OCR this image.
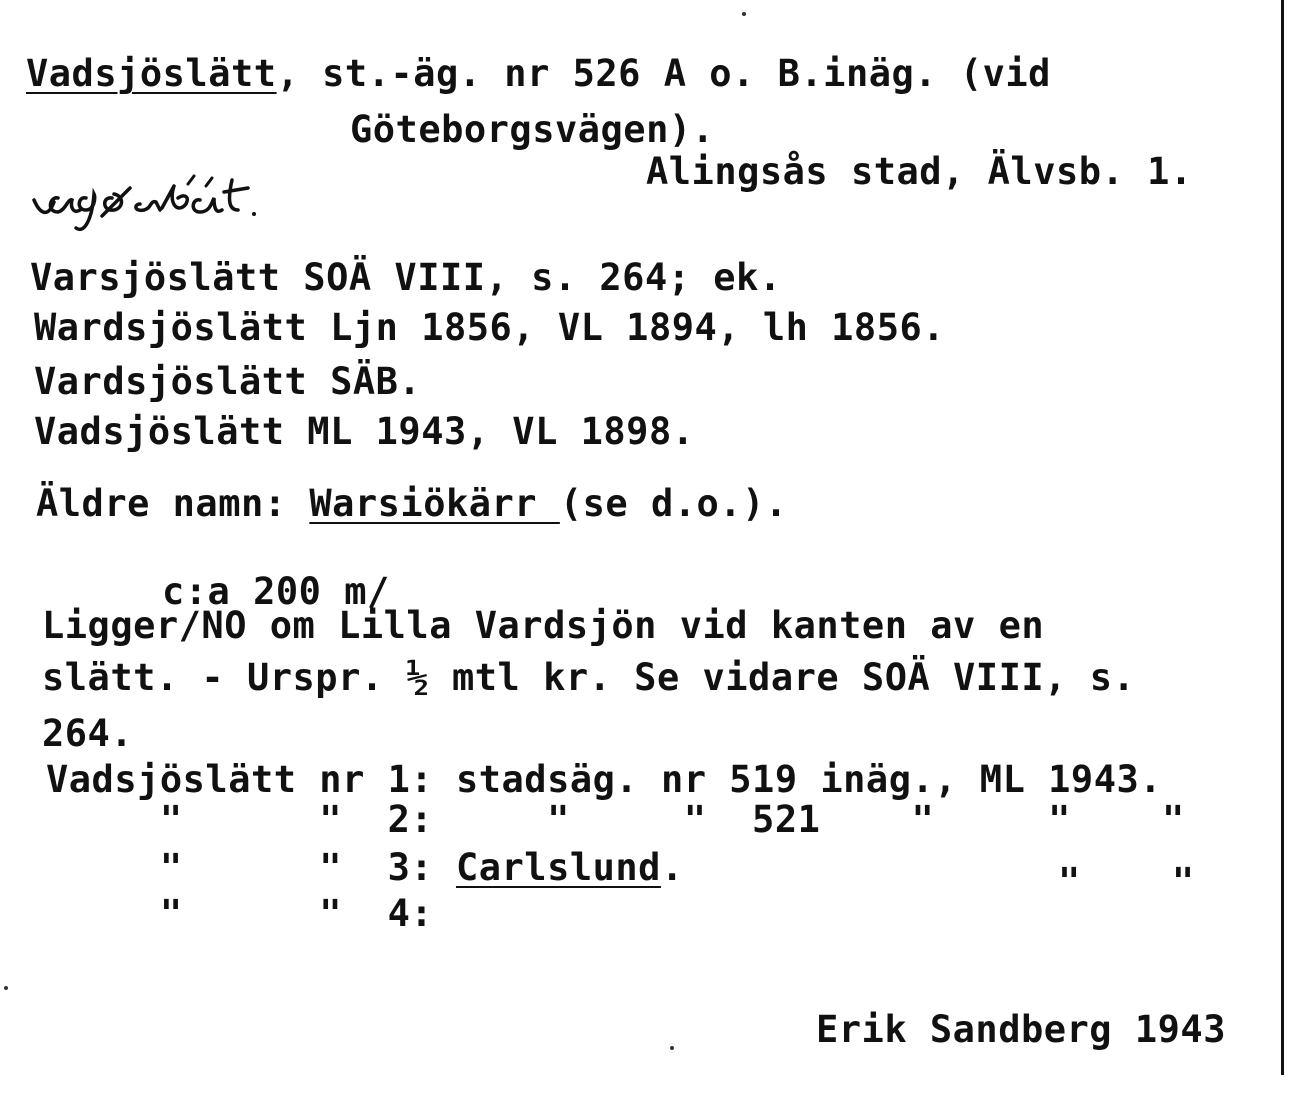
Vadsjöslätt, st.-äg. nr 526 A o. B.inäg. (vid
Göteborgsvägen).
Alingsås stad, Älvsb. 1.
Varsjöslätt SOÄ VIII, s. 264; ek.
Wardsjöslätt Ljn 1856, VL 1894, lh 1856.
Vardsjöslätt SÄB.
Vadsjöslätt ML 1943, VL 1898.
Äldre namn: Warsiökärr (se d.o.).
c:a 200 m/
Ligger/NO om Lilla Vardsjön vid kanten av en
slätt. - Urspr. ½ mtl kr. Se vidare SOÄ VIII, s.
264.
Vadsjöslätt nr 1: stadsäg. nr 519 inäg., ML 1943.
"      "  2:     "     "  521    "     "    "
"      "  3: Carlslund.	"    "
"      "  4:
Erik Sandberg 1943
